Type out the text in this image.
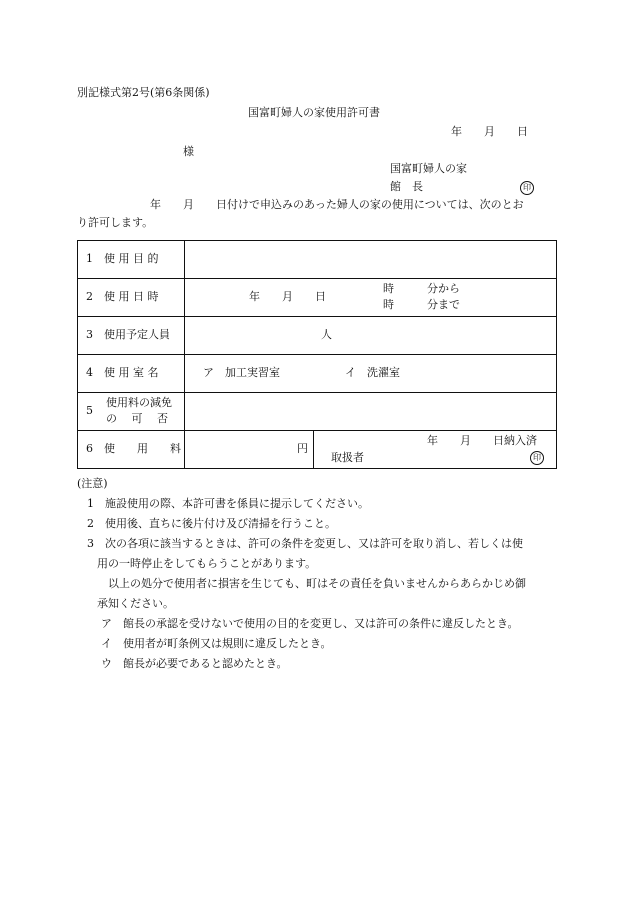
別記様式第2号(第6条関係)
国富町婦人の家使用許可書
年　　月　　日
様
国富町婦人の家
館　長	印
年　　月　　日付けで申込みのあった婦人の家の使用については、次のとお
り許可します。
1　使 用 目 的	

2　使 用 日 時	年　　月　　日
時　　　分から
時　　　分まで

3　使用予定人員	人

4　使 用 室 名	ア　加工実習室 イ　洗濯室

5
使用料の減免
の　 可　 否	

6　使　　用　　料	円
年　　月　　日納入済
取扱者 印
(注意)
1　施設使用の際、本許可書を係員に提示してください。
2　使用後、直ちに後片付け及び清掃を行うこと。
3　次の各項に該当するときは、許可の条件を変更し、又は許可を取り消し、若しくは使
用の一時停止をしてもらうことがあります。
以上の処分で使用者に損害を生じても、町はその責任を負いませんからあらかじめ御
承知ください。
ア　館長の承認を受けないで使用の目的を変更し、又は許可の条件に違反したとき。
イ　使用者が町条例又は規則に違反したとき。
ウ　館長が必要であると認めたとき。
